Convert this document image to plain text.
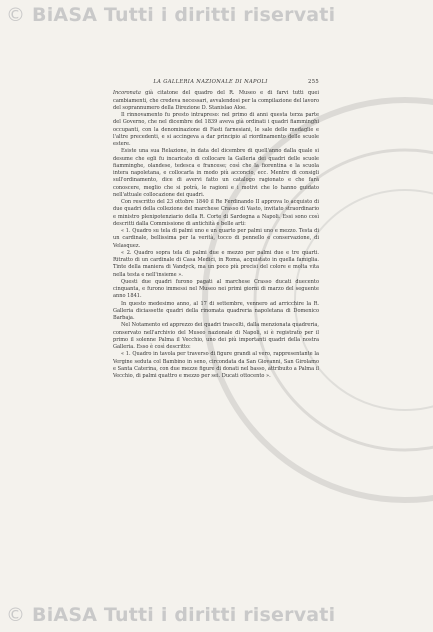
© BiASA Tutti i diritti riservati
LA GALLERIA NAZIONALE DI NAPOLI	255

Incoronata già citatone del quadro del R. Museo e di farvi tutti quei cambiamenti, che credeva necessari, avvalendosi per la compilazione del lavoro del soprannumero della Direzione D. Stanislao Aloe.

Il rinnovamento fu presto intrapreso: nel primo di anni questa terza parte del Governo, che nel dicembre del 1839 aveva già ordinati i quadri fiamminghi occupanti, con la denominazione di Fasti farnesiani, le sale delle medaglie e l'altre precedenti, e si accingeva a dar principio al riordinamento delle scuole estere.

Esiste una sua Relazione, in data del dicembre di quell'anno dalla quale si desume che egli fu incaricato di collocare la Galleria dei quadri delle scuole fiamminghe, olandese, tedesca e francese; così che la fiorentina e la scuola intera napoletana, e collocarla in modo più acconcio, ecc. Mentre di consigli sull'ordinamento, dice di avervi fatto un catalogo ragionato e che farà conoscere, meglio che si potrà, le ragioni e i motivi che lo hanno guidato nell'attuale collocazione dei quadri.

Con rescritto del 23 ottobre 1840 il Re Ferdinando II approva lo acquisto di due quadri della collezione del marchese Crasso di Vasto, invitato straordinario e ministro plenipotenziario della R. Corte di Sardegna a Napoli. Essi sono così descritti dalla Commissione di antichità e belle arti:

« 1. Quadro su tela di palmi uno e un quarto per palmi uno e mezzo. Testa di un cardinale, bellissima per la verità, tocco di pennello e conservazione, di Velasquez.

« 2. Quadro sopra tela di palmi due e mezzo per palmi due e tre quarti. Ritratto di un cardinale di Casa Medici, in Roma, acquistato in quella famiglia. Tinte della maniera di Vandyck, ma un poco più precisi del colore e molta vita nella testa e nell'insieme ».

Questi due quadri furono pagati al marchese Crasso ducati duecento cinquanta, e furono immessi nel Museo nei primi giorni di marzo del seguente anno 1841.

In questo medesimo anno, al 17 di settembre, vennero ad arricchire la R. Galleria diciassette quadri della rinomata quadreria napoletana di Domenico Barbaja.

Nel Notamento ed apprezzo dei quadri trascelti, dalla menzionata quadreria, conservato nell'archivio del Museo nazionale di Napoli, si è registrato per il primo il solenne Palma il Vecchio, uno dei più importanti quadri della nostra Galleria. Esso è così descritto:

« 1. Quadro in tavola per traverso di figure grandi al vero, rappresentante la Vergine seduta col Bambino in seno, circondata da San Giovanni, San Girolamo e Santa Caterina, con due mezze figure di donati nel basso, attribuito a Palma il Vecchio, di palmi quattro e mezzo per sei. Ducati ottocento ».

© BiASA Tutti i diritti riservati
